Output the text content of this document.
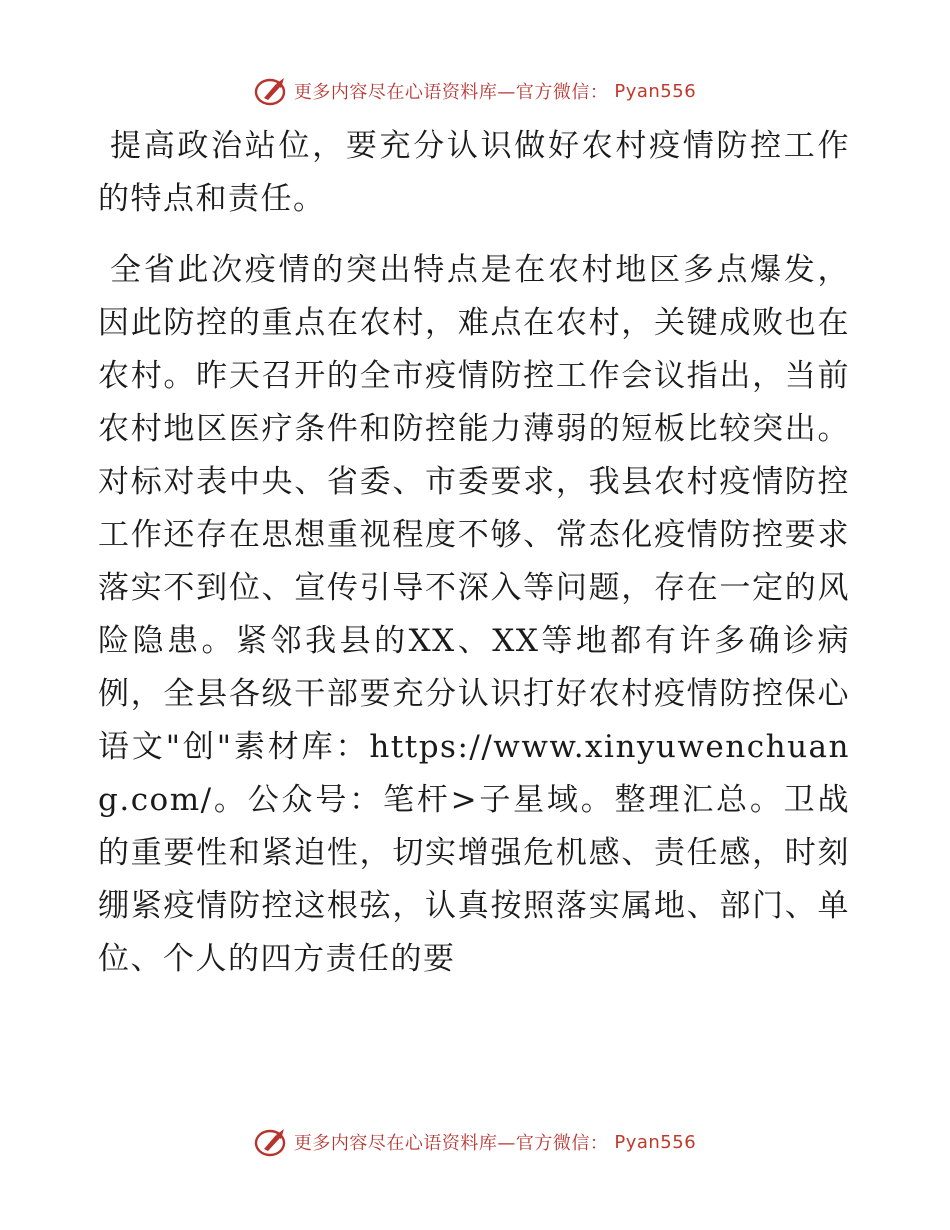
更多内容尽在心语资料库—官方微信： Pyan556

提高政治站位，要充分认识做好农村疫情防控工作的特点和责任。

全省此次疫情的突出特点是在农村地区多点爆发，因此防控的重点在农村，难点在农村，关键成败也在农村。昨天召开的全市疫情防控工作会议指出，当前农村地区医疗条件和防控能力薄弱的短板比较突出。对标对表中央、省委、市委要求，我县农村疫情防控工作还存在思想重视程度不够、常态化疫情防控要求落实不到位、宣传引导不深入等问题，存在一定的风险隐患。紧邻我县的XX、XX等地都有许多确诊病例，全县各级干部要充分认识打好农村疫情防控保心语文"创"素材库：https://www.xinyuwenchuang.com/。公众号：笔杆>子星域。整理汇总。卫战的重要性和紧迫性，切实增强危机感、责任感，时刻绷紧疫情防控这根弦，认真按照落实属地、部门、单位、个人的四方责任的要

更多内容尽在心语资料库—官方微信： Pyan556
